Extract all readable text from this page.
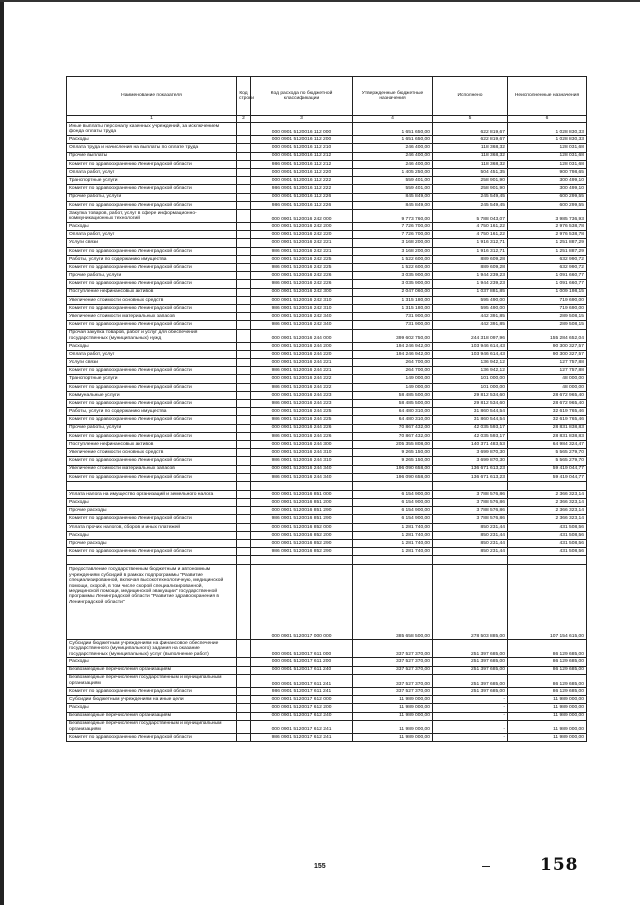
Наименование показателя	Код строки	Код расхода по бюджетной классификации	Утвержденные бюджетные назначения	Исполнено	Неисполненные назначения
1	2	3	4	5	6
Иные выплаты персоналу казенных учреждений, за исключением фонда оплаты труда		000 0901 5120016 112 000	1 651 650,00	622 819,67	1 028 830,33
Расходы		000 0901 5120016 112 200	1 651 650,00	622 819,67	1 028 830,33
Оплата труда и начисления на выплаты по оплате труда		000 0901 5120016 112 210	246 400,00	118 368,32	128 031,68
Прочие выплаты		000 0901 5120016 112 212	246 400,00	118 368,32	128 031,68
Комитет по здравоохранению Ленинградской области		986 0901 5120016 112 212	246 400,00	118 368,32	128 031,68
Оплата работ, услуг		000 0901 5120016 112 220	1 405 250,00	504 451,35	900 798,65
Транспортные услуги		000 0901 5120016 112 222	559 401,00	258 901,90	300 499,10
Комитет по здравоохранению Ленинградской области		986 0901 5120016 112 222	559 401,00	258 901,90	300 499,10
Прочие работы, услуги		000 0901 5120016 112 226	845 849,00	245 549,45	600 299,55
Комитет по здравоохранению Ленинградской области		986 0901 5120016 112 226	845 849,00	245 549,45	600 299,55
Закупка товаров, работ, услуг в сфере информационно-коммуникационных технологий		000 0901 5120016 242 000	9 773 760,00	5 788 043,07	3 985 736,93
Расходы		000 0901 5120016 242 200	7 726 700,00	4 750 161,22	2 976 538,78
Оплата работ, услуг		000 0901 5120016 242 220	7 726 700,00	4 750 161,22	2 976 538,78
Услуги связи		000 0901 5120016 242 221	3 168 200,00	1 916 312,71	1 251 887,29
Комитет по здравоохранению Ленинградской области		986 0901 5120016 242 221	3 168 200,00	1 916 312,71	1 251 887,29
Работы, услуги по содержанию имущества		000 0901 5120016 242 225	1 522 600,00	889 609,28	632 990,72
Комитет по здравоохранению Ленинградской области		986 0901 5120016 242 225	1 522 600,00	889 609,28	632 990,72
Прочие работы, услуги		000 0901 5120016 242 226	3 035 900,00	1 944 239,23	1 091 660,77
Комитет по здравоохранению Ленинградской области		986 0901 5120016 242 226	3 035 900,00	1 944 239,23	1 091 660,77
Поступление нефинансовых активов		000 0901 5120016 242 300	2 047 060,00	1 037 881,85	1 009 198,15
Увеличение стоимости основных средств		000 0901 5120016 242 310	1 315 180,00	595 490,00	719 690,00
Комитет по здравоохранению Ленинградской области		986 0901 5120016 242 310	1 315 180,00	595 490,00	719 690,00
Увеличение стоимости материальных запасов		000 0901 5120016 242 340	731 900,00	442 391,85	289 508,15
Комитет по здравоохранению Ленинградской области		986 0901 5120016 242 340	731 900,00	442 391,85	289 508,15
Прочая закупка товаров, работ и услуг для обеспечения государственных (муниципальных) нужд		000 0901 5120016 244 000	399 602 750,00	244 318 097,96	155 284 652,04
Расходы		000 0901 5120016 244 200	194 246 942,00	103 946 614,43	90 300 327,57
Оплата работ, услуг		000 0901 5120016 244 220	194 246 942,00	103 946 614,43	90 300 327,57
Услуги связи		000 0901 5120016 244 221	264 700,00	136 942,12	127 757,88
Комитет по здравоохранению Ленинградской области		986 0901 5120016 244 221	264 700,00	136 942,12	127 757,88
Транспортные услуги		000 0901 5120016 244 222	149 000,00	101 000,00	48 000,00
Комитет по здравоохранению Ленинградской области		986 0901 5120016 244 222	149 000,00	101 000,00	48 000,00
Коммунальные услуги		000 0901 5120016 244 223	58 485 500,00	29 812 534,60	28 672 965,40
Комитет по здравоохранению Ленинградской области		986 0901 5120016 244 223	58 485 500,00	29 812 534,60	28 672 965,40
Работы, услуги по содержанию имущества		000 0901 5120016 244 225	64 480 310,00	31 860 544,54	32 619 765,46
Комитет по здравоохранению Ленинградской области		986 0901 5120016 244 225	64 480 310,00	31 860 544,54	32 619 765,46
Прочие работы, услуги		000 0901 5120016 244 226	70 867 432,00	42 035 593,17	28 831 838,83
Комитет по здравоохранению Ленинградской области		986 0901 5120016 244 226	70 867 432,00	42 035 593,17	28 831 838,83
Поступление нефинансовых активов		000 0901 5120016 244 300	205 355 808,00	140 371 483,53	64 984 324,47
Увеличение стоимости основных средств		000 0901 5120016 244 310	9 265 150,00	3 699 870,30	5 565 279,70
Комитет по здравоохранению Ленинградской области		986 0901 5120016 244 310	9 265 150,00	3 699 870,30	5 565 279,70
Увеличение стоимости материальных запасов		000 0901 5120016 244 340	196 090 658,00	136 671 613,23	59 419 044,77
Комитет по здравоохранению Ленинградской области		986 0901 5120016 244 340	196 090 658,00	136 671 613,23	59 419 044,77

Уплата налога на имущество организаций и земельного налога		000 0901 5120016 851 000	6 154 900,00	3 788 576,86	2 366 323,14
Расходы		000 0901 5120016 851 200	6 154 900,00	3 788 576,86	2 366 323,14
Прочие расходы		000 0901 5120016 851 290	6 154 900,00	3 788 576,86	2 366 323,14
Комитет по здравоохранению Ленинградской области		986 0901 5120016 851 290	6 154 900,00	3 788 576,86	2 366 323,14
Уплата прочих налогов, сборов и иных платежей		000 0901 5120016 852 000	1 281 740,00	850 231,44	431 508,56
Расходы		000 0901 5120016 852 200	1 281 740,00	850 231,44	431 508,56
Прочие расходы		000 0901 5120016 852 290	1 281 740,00	850 231,44	431 508,56
Комитет по здравоохранению Ленинградской области		986 0901 5120016 852 290	1 281 740,00	850 231,44	431 508,56

Предоставление государственным бюджетным и автономным учреждениям субсидий в рамках подпрограммы "Развитие специализированной, включая высокотехнологичную, медицинской помощи, скорой, в том числе скорой специализированной, медицинской помощи, медицинской эвакуации" государственной программы Ленинградской области "Развитие здравоохранения в Ленинградской области"		000 0901 5120017 000 000	385 658 500,00	278 503 885,00	107 154 615,00
Субсидии бюджетным учреждениям на финансовое обеспечение государственного (муниципального) задания на оказание государственных (муниципальных) услуг (выполнение работ)		000 0901 5120017 611 000	337 527 370,00	251 397 685,00	86 129 685,00
Расходы		000 0901 5120017 611 200	337 527 370,00	251 397 685,00	86 129 685,00
Безвозмездные перечисления организациям		000 0901 5120017 611 240	337 527 370,00	251 397 685,00	86 129 685,00
Безвозмездные перечисления государственным и муниципальным организациям		000 0901 5120017 611 241	337 527 370,00	251 397 685,00	86 129 685,00
Комитет по здравоохранению Ленинградской области		986 0901 5120017 611 241	337 527 370,00	251 397 685,00	86 129 685,00
Субсидии бюджетным учреждениям на иные цели		000 0901 5120017 612 000	11 989 000,00	-	11 989 000,00
Расходы		000 0901 5120017 612 200	11 989 000,00	-	11 989 000,00
Безвозмездные перечисления организациям		000 0901 5120017 612 240	11 989 000,00	-	11 989 000,00
Безвозмездные перечисления государственным и муниципальным организациям		000 0901 5120017 612 241	11 989 000,00	-	11 989 000,00
Комитет по здравоохранению Ленинградской области		986 0901 5120017 612 241	11 989 000,00	-	11 989 000,00
155	158
